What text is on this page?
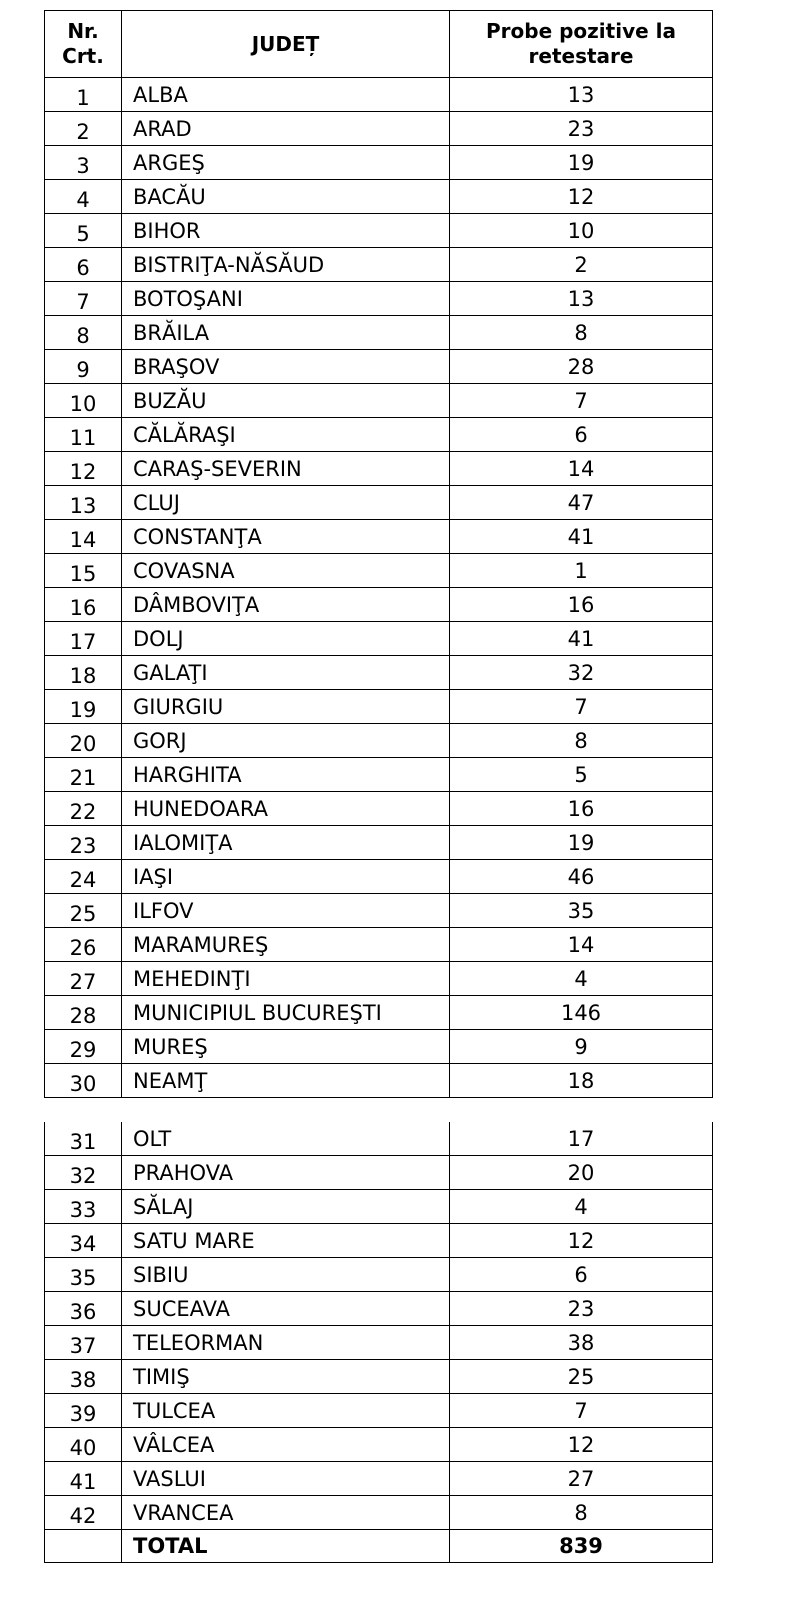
Nr. Crt.	JUDEȚ	Probe pozitive la retestare
1	ALBA	13
2	ARAD	23
3	ARGEŞ	19
4	BACĂU	12
5	BIHOR	10
6	BISTRIŢA-NĂSĂUD	2
7	BOTOŞANI	13
8	BRĂILA	8
9	BRAŞOV	28
10	BUZĂU	7
11	CĂLĂRAŞI	6
12	CARAŞ-SEVERIN	14
13	CLUJ	47
14	CONSTANŢA	41
15	COVASNA	1
16	DÂMBOVIŢA	16
17	DOLJ	41
18	GALAŢI	32
19	GIURGIU	7
20	GORJ	8
21	HARGHITA	5
22	HUNEDOARA	16
23	IALOMIŢA	19
24	IAŞI	46
25	ILFOV	35
26	MARAMUREŞ	14
27	MEHEDINŢI	4
28	MUNICIPIUL BUCUREŞTI	146
29	MUREŞ	9
30	NEAMŢ	18
31	OLT	17
32	PRAHOVA	20
33	SĂLAJ	4
34	SATU MARE	12
35	SIBIU	6
36	SUCEAVA	23
37	TELEORMAN	38
38	TIMIŞ	25
39	TULCEA	7
40	VÂLCEA	12
41	VASLUI	27
42	VRANCEA	8
	TOTAL	839
